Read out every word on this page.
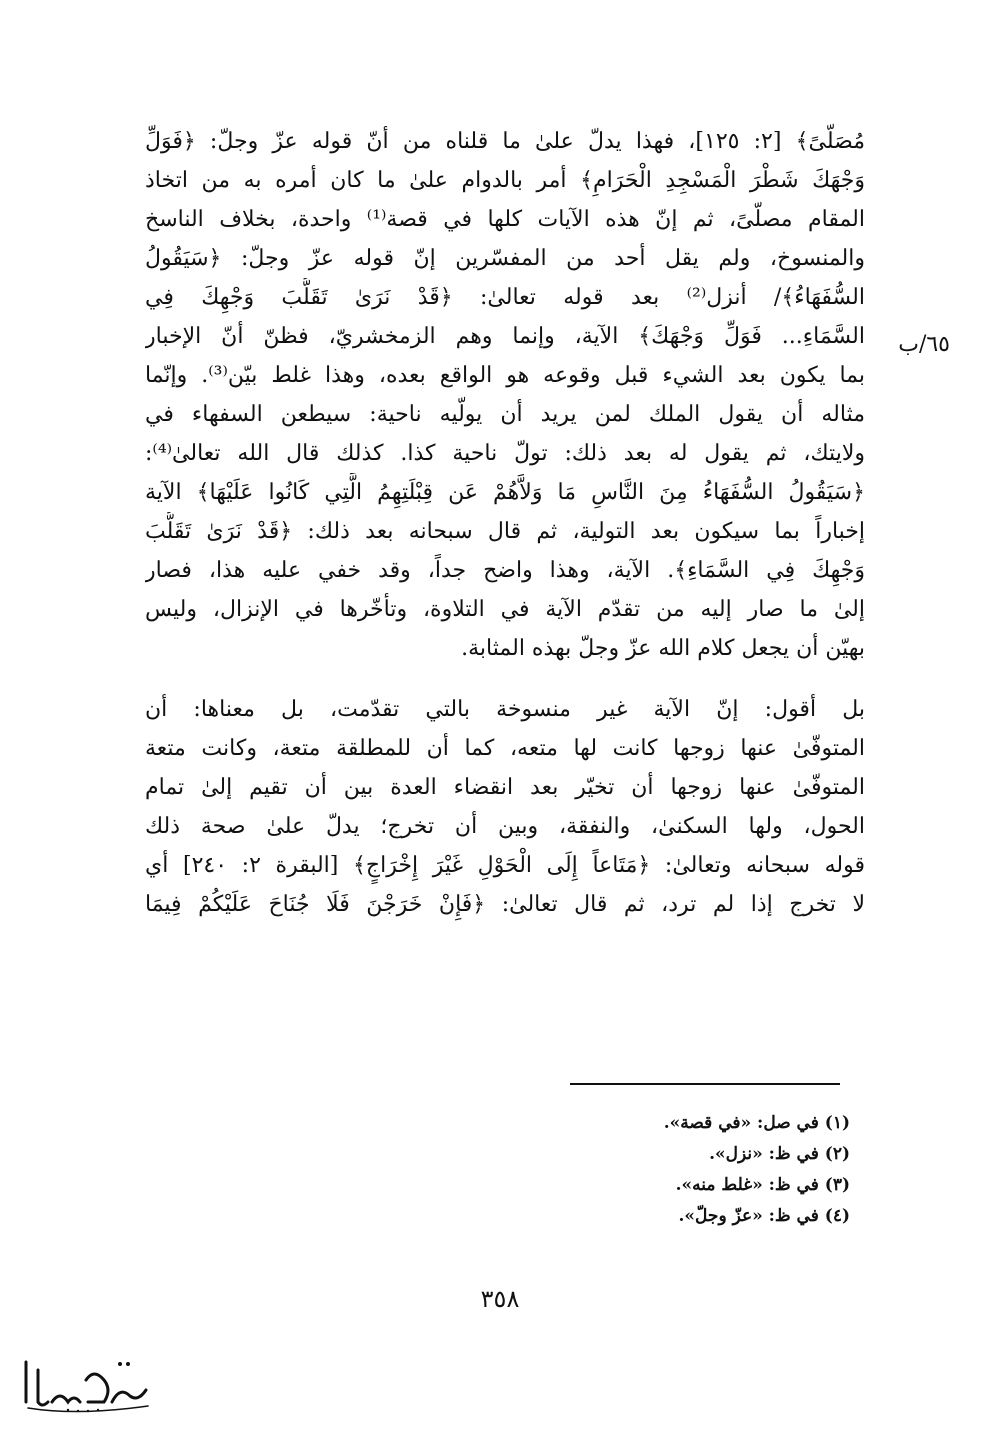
مُصَلّىً﴾ [٢: ١٢٥]، فهذا يدلّ علىٰ ما قلناه من أنّ قوله عزّ وجلّ: ﴿فَوَلِّ
وَجْهَكَ شَطْرَ الْمَسْجِدِ الْحَرَامِ﴾ أمر بالدوام علىٰ ما كان أمره به من اتخاذ
المقام مصلّىً، ثم إنّ هذه الآيات كلها في قصة⁽¹⁾ واحدة، بخلاف الناسخ
والمنسوخ، ولم يقل أحد من المفسّرين إنّ قوله عزّ وجلّ: ﴿سَيَقُولُ
السُّفَهَاءُ﴾/ أنزل⁽²⁾ بعد قوله تعالىٰ: ﴿قَدْ نَرَىٰ تَقَلُّبَ وَجْهِكَ فِي
السَّمَاءِ... فَوَلِّ وَجْهَكَ﴾ الآية، وإنما وهم الزمخشريّ، فظنّ أنّ الإخبار
بما يكون بعد الشيء قبل وقوعه هو الواقع بعده، وهذا غلط بيّن⁽³⁾. وإنّما
مثاله أن يقول الملك لمن يريد أن يولّيه ناحية: سيطعن السفهاء في
ولايتك، ثم يقول له بعد ذلك: تولّ ناحية كذا. كذلك قال الله تعالىٰ⁽⁴⁾:
﴿سَيَقُولُ السُّفَهَاءُ مِنَ النَّاسِ مَا وَلاَّهُمْ عَن قِبْلَتِهِمُ الَّتِي كَانُوا عَلَيْهَا﴾ الآية
إخباراً بما سيكون بعد التولية، ثم قال سبحانه بعد ذلك: ﴿قَدْ نَرَىٰ تَقَلُّبَ
وَجْهِكَ فِي السَّمَاءِ﴾. الآية، وهذا واضح جداً، وقد خفي عليه هذا، فصار
إلىٰ ما صار إليه من تقدّم الآية في التلاوة، وتأخّرها في الإنزال، وليس
بهيّن أن يجعل كلام الله عزّ وجلّ بهذه المثابة.
بل أقول: إنّ الآية غير منسوخة بالتي تقدّمت، بل معناها: أن
المتوفّىٰ عنها زوجها كانت لها متعه، كما أن للمطلقة متعة، وكانت متعة
المتوفّىٰ عنها زوجها أن تخيّر بعد انقضاء العدة بين أن تقيم إلىٰ تمام
الحول، ولها السكنىٰ، والنفقة، وبين أن تخرج؛ يدلّ علىٰ صحة ذلك
قوله سبحانه وتعالىٰ: ﴿مَتَاعاً إِلَى الْحَوْلِ غَيْرَ إِخْرَاجٍ﴾ [البقرة ٢: ٢٤٠] أي
لا تخرج إذا لم ترد، ثم قال تعالىٰ: ﴿فَإِنْ خَرَجْنَ فَلَا جُنَاحَ عَلَيْكُمْ فِيمَا
٦٥/ب
(١) في صل: «في قصة».
(٢) في ظ: «نزل».
(٣) في ظ: «غلط منه».
(٤) في ظ: «عزّ وجلّ».
٣٥٨
